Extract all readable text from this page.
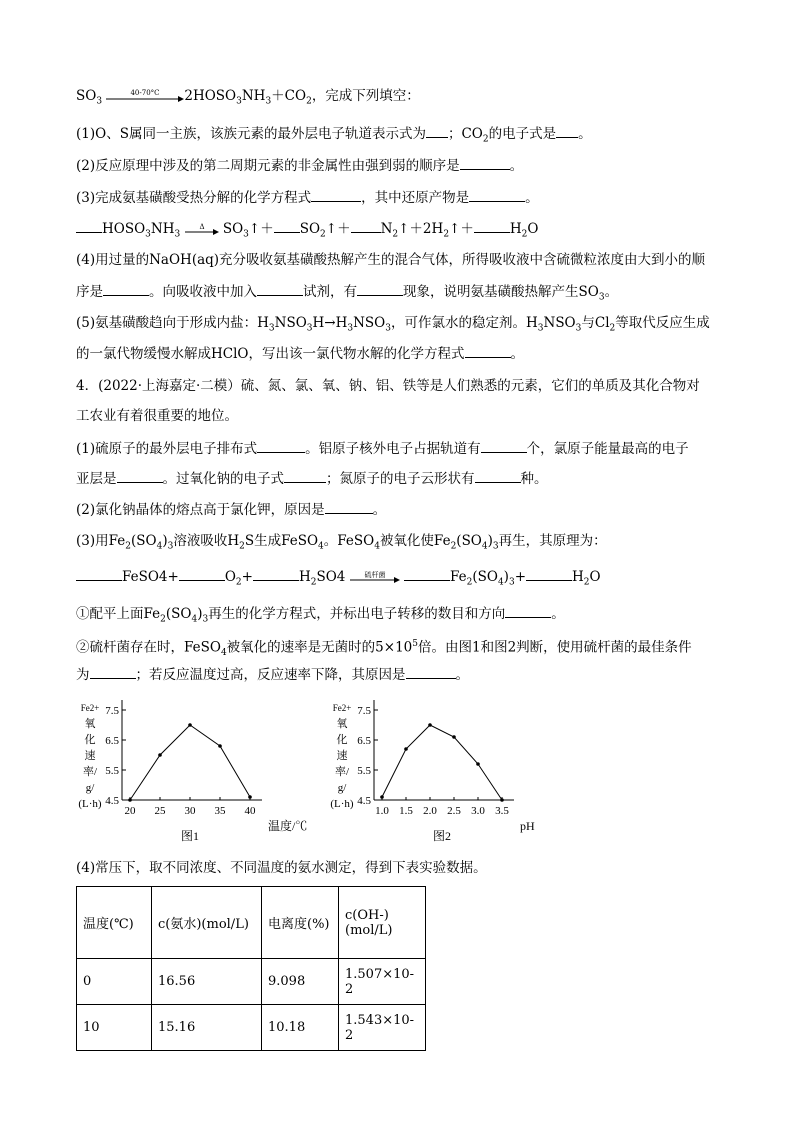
$SO_3$
40-70°C $2HOSO_3NH_3+CO_2$，完成下列填空：
(1)O、S属同一主族，该族元素的最外层电子轨道表示式为 ；$CO_2$的电子式是 。
(2)反应原理中涉及的第二周期元素的非金属性由强到弱的顺序是	。
(3)完成氨基磺酸受热分解的化学方程式	，其中还原产物是	。
$HOSO_3NH_3$
Δ $SO_3↑+$ $SO_2↑+$ $N_2↑+2H_2↑+$	$H_2O$
(4)用过量的NaOH(aq)充分吸收氨基磺酸热解产生的混合气体，所得吸收液中含硫微粒浓度由大到小的顺
序是	。向吸收液中加入	试剂，有	现象，说明氨基磺酸热解产生$SO_3$。
(5)氨基磺酸趋向于形成内盐：$H_3NSO_3H\to H_3NSO_3$，可作氯水的稳定剂。$H_3NSO_3$与$Cl_2$等取代反应生成
的一氯代物缓慢水解成HClO，写出该一氯代物水解的化学方程式	。
4．(2022·上海嘉定·二模）硫、氮、氯、氧、钠、铝、铁等是人们熟悉的元素，它们的单质及其化合物对
工农业有着很重要的地位。
(1)硫原子的最外层电子排布式	。铝原子核外电子占据轨道有	个，氯原子能量最高的电子
亚层是	。过氧化钠的电子式	；氮原子的电子云形状有	种。
(2)氯化钠晶体的熔点高于氯化钾，原因是	。
(3)用$Fe_2(SO_4)_3$溶液吸收$H_2S$生成FeSO$_4$。FeSO$_4$被氧化使$Fe_2(SO_4)_3$再生，其原理为：
FeSO4+	$O_2+$	$H_2SO4$	硫杆菌	$Fe_2(SO_4)_3+$	$H_2O$
①配平上面$Fe_2(SO_4)_3$再生的化学方程式，并标出电子转移的数目和方向	。
②硫杆菌存在时，FeSO$_4$被氧化的速率是无菌时的$5\times 10^5$倍。由图1和图2判断，使用硫杆菌的最佳条件
为	；若反应温度过高，反应速率下降，其原因是	。
Fe2+
氧
化
速
率/
g/
(L·h) 4.5
5.5
6.5
7.5
20 25 30 35 40
温度/℃
图1
Fe2+
氧
化
速
率/
g/
(L·h) 4.5
5.5
6.5
7.5
1.0 1.5 2.0 2.5 3.0 3.5
pH
图2
(4)常压下，取不同浓度、不同温度的氨水测定，得到下表实验数据。
温度(℃)	c(氨水)(mol/L)	电离度(%)	c(OH-)(mol/L)
0	16.56	9.098	1.507×10-2
10	15.16	10.18	1.543×10-2
